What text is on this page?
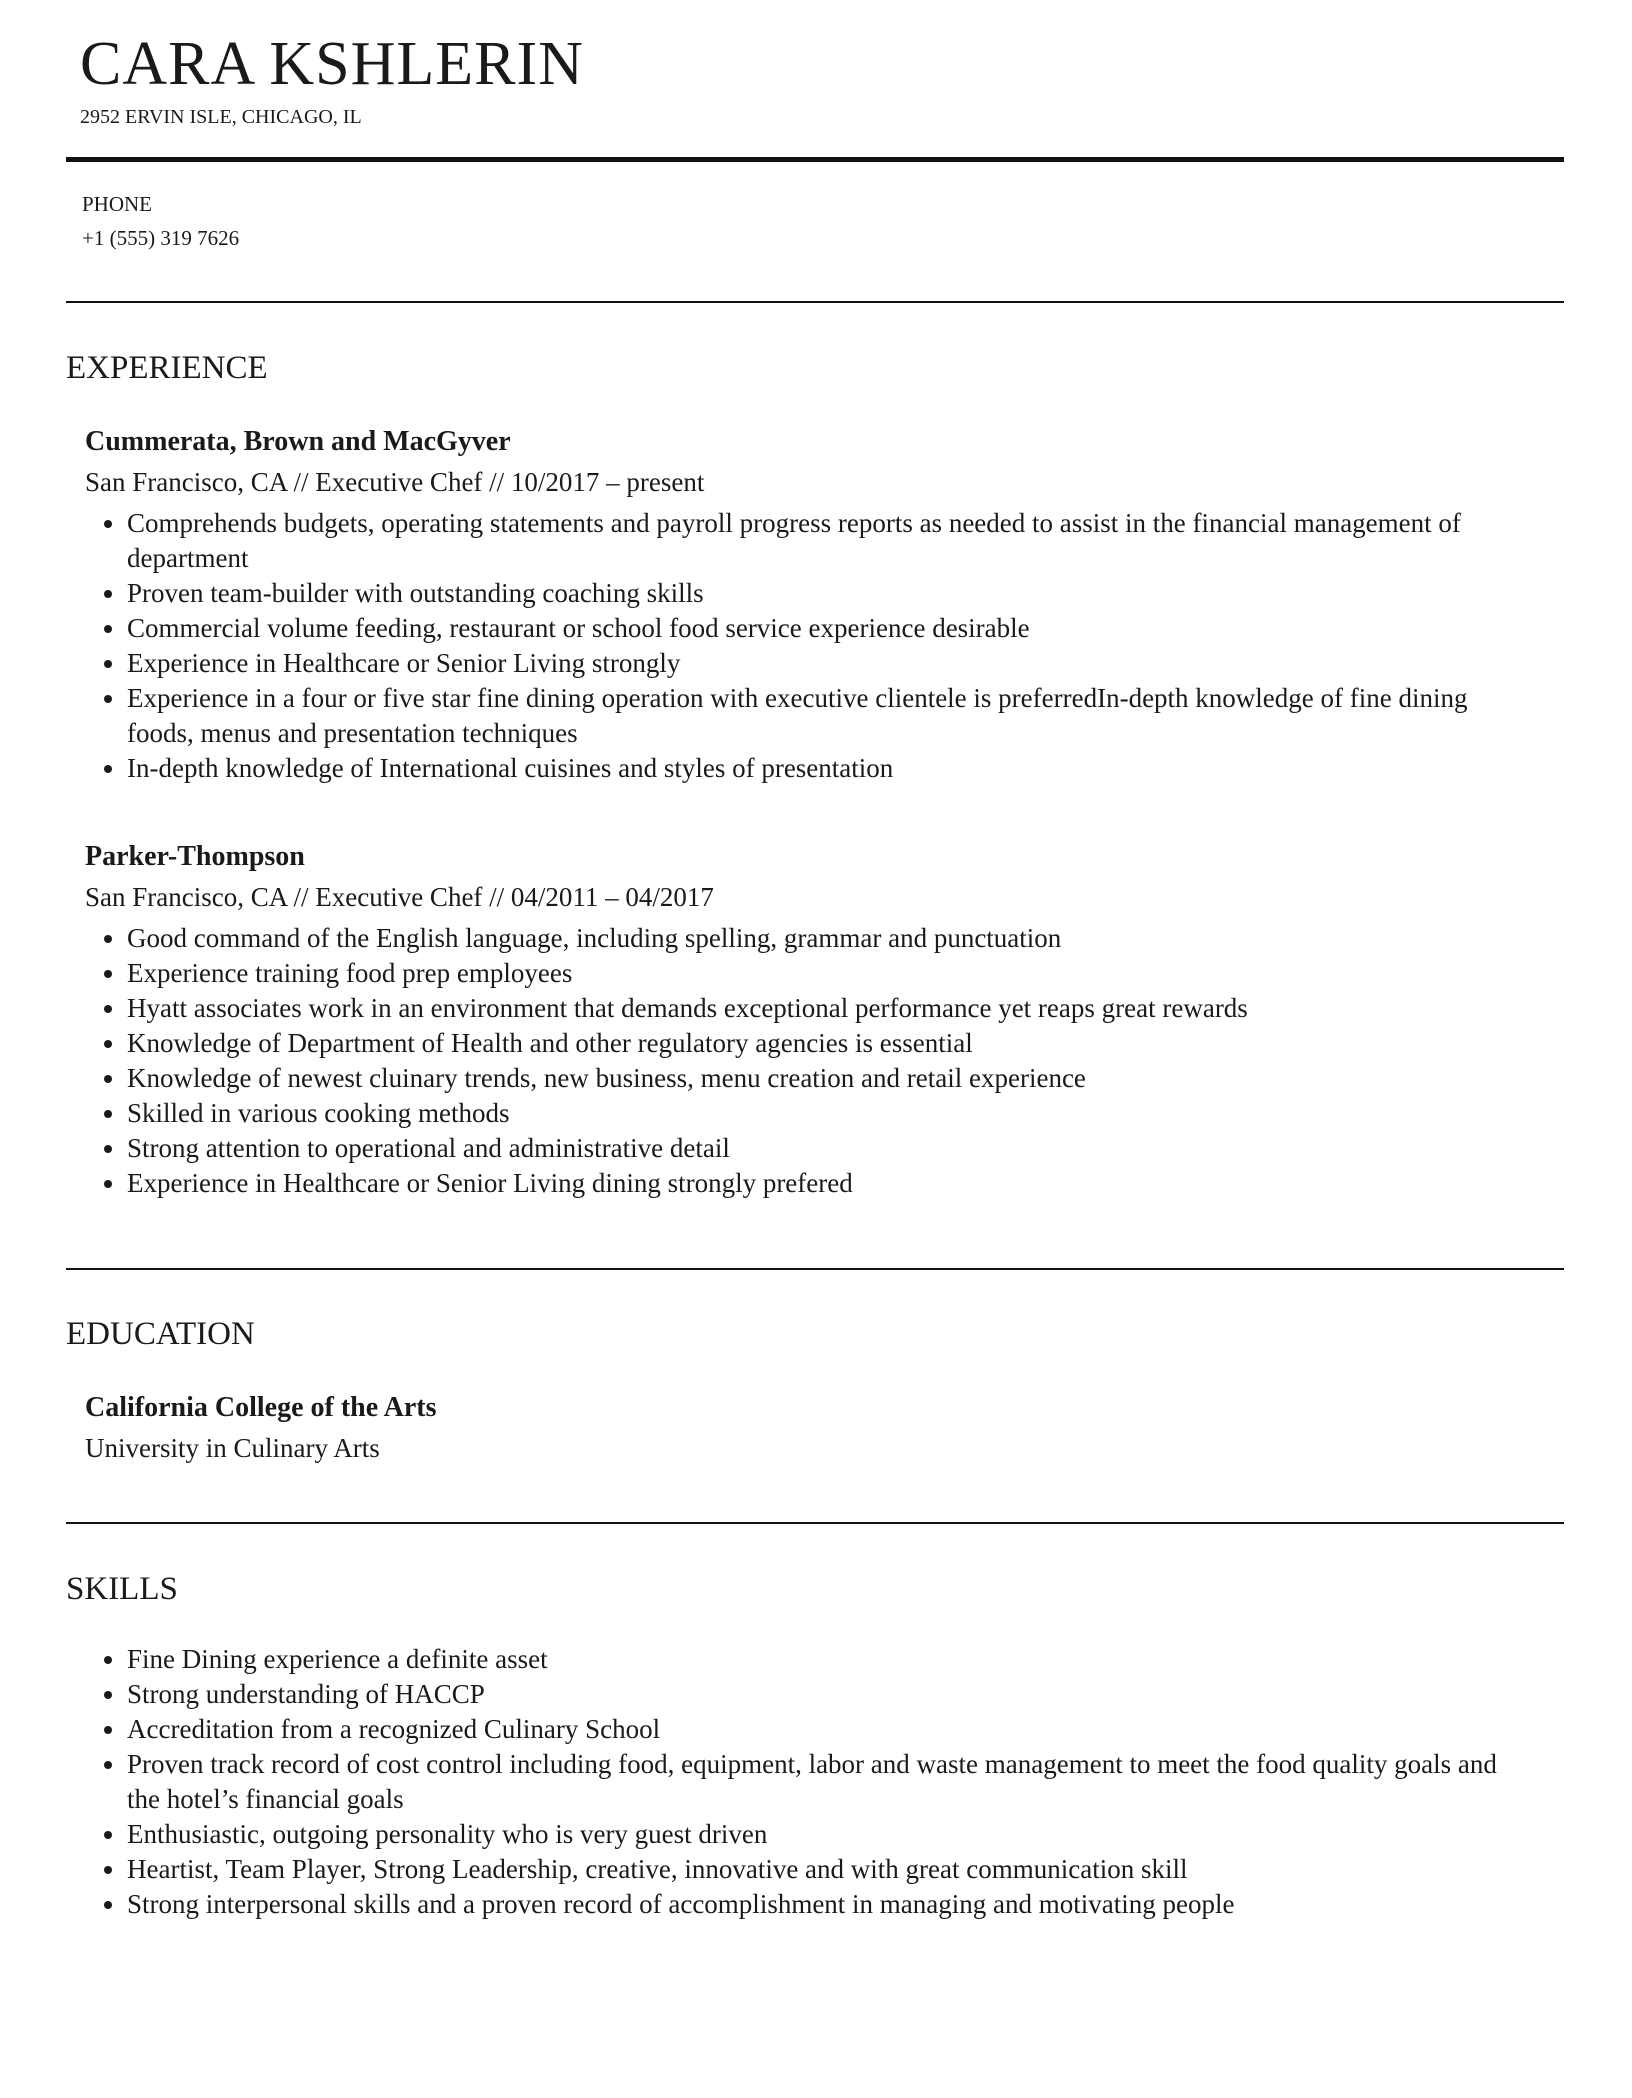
CARA KSHLERIN
2952 ERVIN ISLE, CHICAGO, IL
PHONE
+1 (555) 319 7626
EXPERIENCE

Cummerata, Brown and MacGyver

San Francisco, CA // Executive Chef // 10/2017 – present

• Comprehends budgets, operating statements and payroll progress reports as needed to assist in the financial management of department
• Proven team-builder with outstanding coaching skills
• Commercial volume feeding, restaurant or school food service experience desirable
• Experience in Healthcare or Senior Living strongly
• Experience in a four or five star fine dining operation with executive clientele is preferredIn-depth knowledge of fine dining foods, menus and presentation techniques
• In-depth knowledge of International cuisines and styles of presentation

Parker-Thompson

San Francisco, CA // Executive Chef // 04/2011 – 04/2017

• Good command of the English language, including spelling, grammar and punctuation
• Experience training food prep employees
• Hyatt associates work in an environment that demands exceptional performance yet reaps great rewards
• Knowledge of Department of Health and other regulatory agencies is essential
• Knowledge of newest cluinary trends, new business, menu creation and retail experience
• Skilled in various cooking methods
• Strong attention to operational and administrative detail
• Experience in Healthcare or Senior Living dining strongly prefered
EDUCATION

California College of the Arts

University in Culinary Arts

SKILLS
• Fine Dining experience a definite asset
• Strong understanding of HACCP
• Accreditation from a recognized Culinary School
• Proven track record of cost control including food, equipment, labor and waste management to meet the food quality goals and the hotel’s financial goals
• Enthusiastic, outgoing personality who is very guest driven
• Heartist, Team Player, Strong Leadership, creative, innovative and with great communication skill
• Strong interpersonal skills and a proven record of accomplishment in managing and motivating people
